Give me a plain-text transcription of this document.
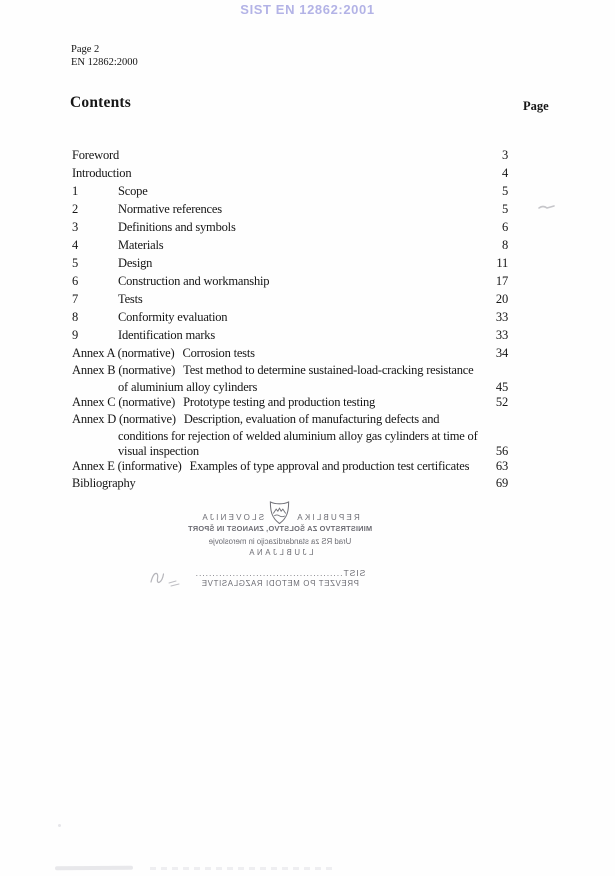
SIST EN 12862:2001
Page 2
EN 12862:2000
Contents	Page
Foreword	3
Introduction	4
1	Scope	5
2	Normative references	5
3	Definitions and symbols	6
4	Materials	8
5	Design	11
6	Construction and workmanship	17
7	Tests	20
8	Conformity evaluation	33
9	Identification marks	33
Annex A (normative) Corrosion tests	34
Annex B (normative) Test method to determine sustained-load-cracking resistance
of aluminium alloy cylinders	45
Annex C (normative) Prototype testing and production testing	52
Annex D (normative) Description, evaluation of manufacturing defects and
conditions for rejection of welded aluminium alloy gas cylinders at time of
visual inspection	56
Annex E (informative) Examples of type approval and production test certificates	63
Bibliography	69
REPUBLIKA
SLOVENIJA
MINISTRSTVO ZA ŠOLSTVO, ZNANOST IN ŠPORT
Urad RS za standardizacijo in meroslovje
LJUBLJANA
SIST
............................................
PREVZET PO METODI RAZGLASITVE
